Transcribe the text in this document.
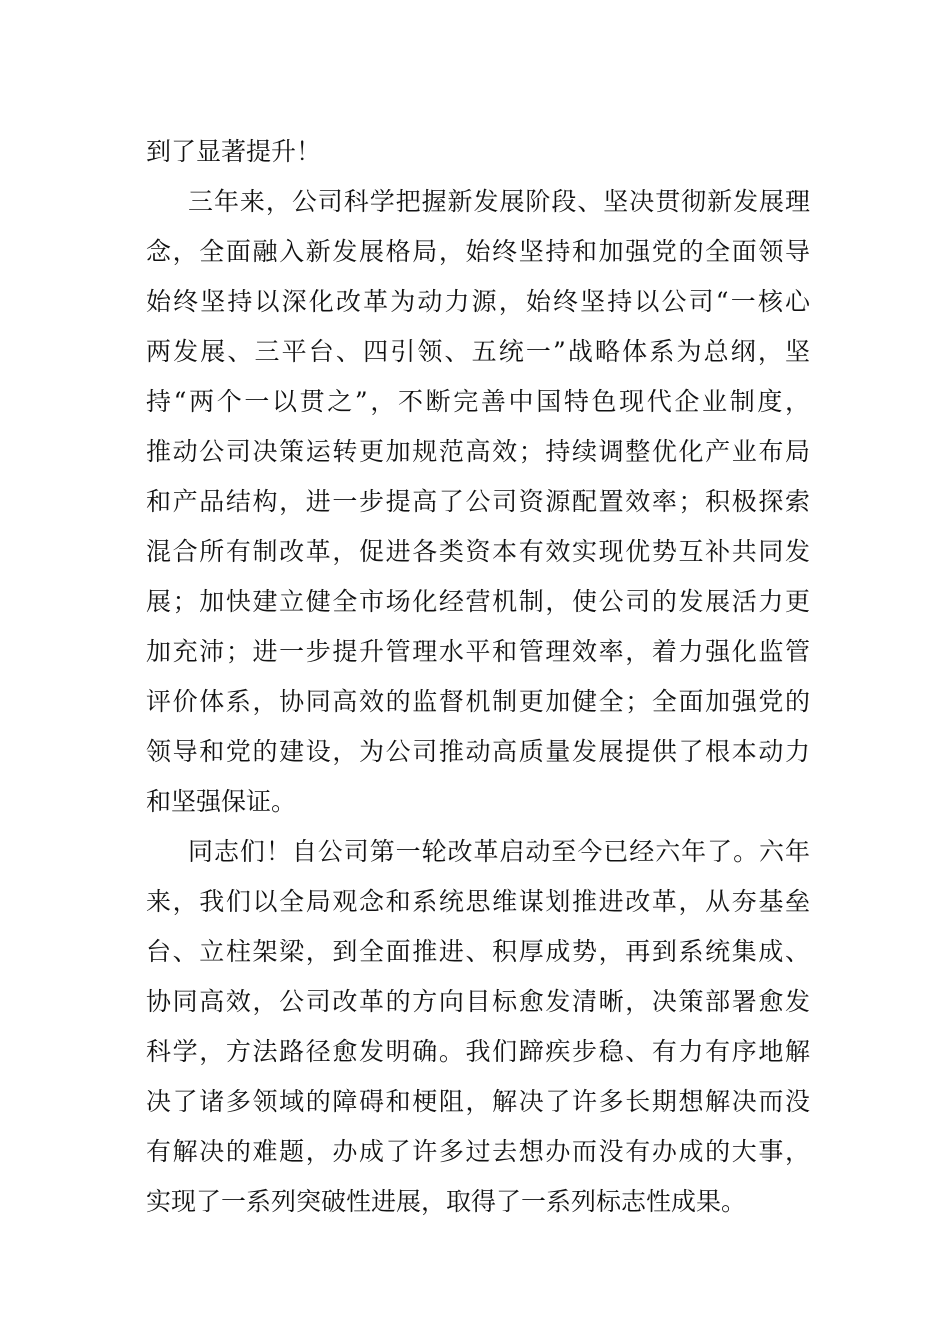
到了显著提升！
三年来，公司科学把握新发展阶段、坚决贯彻新发展理
念，全面融入新发展格局，始终坚持和加强党的全面领导
始终坚持以深化改革为动力源，始终坚持以公司“一核心
两发展、三平台、四引领、五统一”战略体系为总纲，坚
持“两个一以贯之”，不断完善中国特色现代企业制度，
推动公司决策运转更加规范高效；持续调整优化产业布局
和产品结构，进一步提高了公司资源配置效率；积极探索
混合所有制改革，促进各类资本有效实现优势互补共同发
展；加快建立健全市场化经营机制，使公司的发展活力更
加充沛；进一步提升管理水平和管理效率，着力强化监管
评价体系，协同高效的监督机制更加健全；全面加强党的
领导和党的建设，为公司推动高质量发展提供了根本动力
和坚强保证。
同志们！自公司第一轮改革启动至今已经六年了。六年
来，我们以全局观念和系统思维谋划推进改革，从夯基垒
台、立柱架梁，到全面推进、积厚成势，再到系统集成、
协同高效，公司改革的方向目标愈发清晰，决策部署愈发
科学，方法路径愈发明确。我们蹄疾步稳、有力有序地解
决了诸多领域的障碍和梗阻，解决了许多长期想解决而没
有解决的难题，办成了许多过去想办而没有办成的大事，
实现了一系列突破性进展，取得了一系列标志性成果。
